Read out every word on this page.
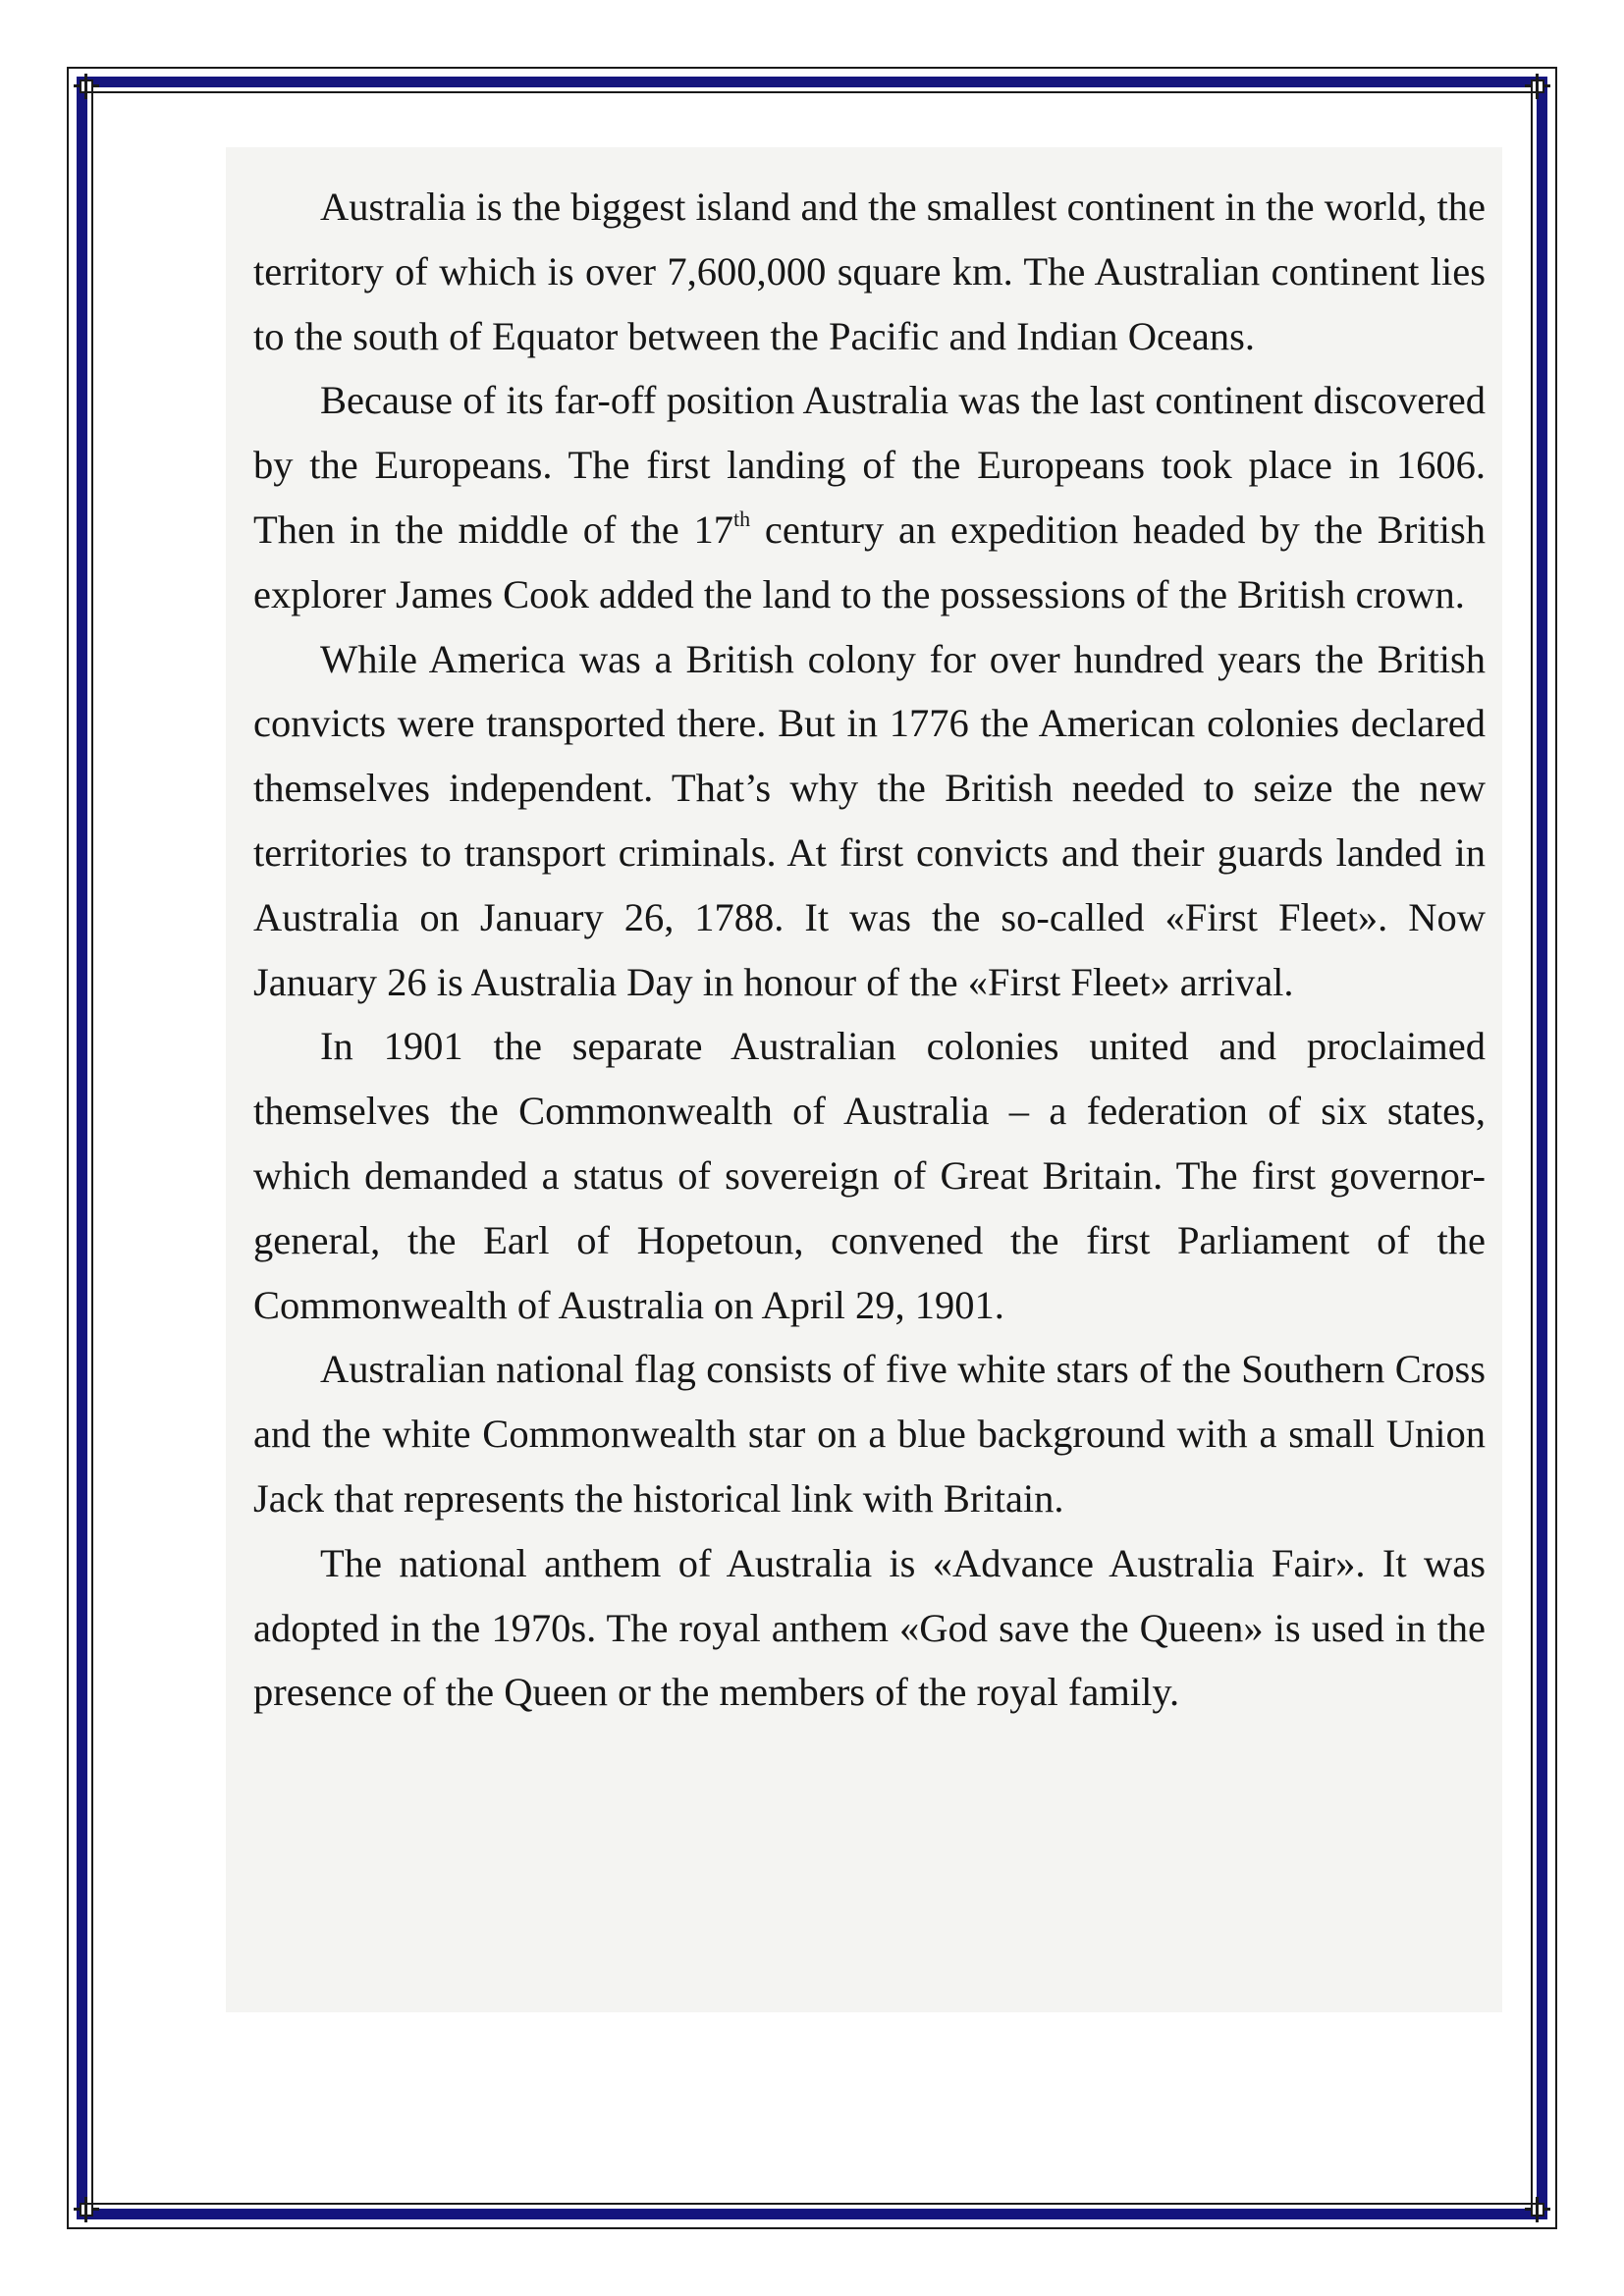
Australia is the biggest island and the smallest continent in the world, the territory of which is over 7,600,000 square km. The Australian continent lies to the south of Equator between the Pacific and Indian Oceans.

Because of its far-off position Australia was the last continent discovered by the Europeans. The first landing of the Europeans took place in 1606. Then in the middle of the 17th century an expedition headed by the British explorer James Cook added the land to the possessions of the British crown.

While America was a British colony for over hundred years the British convicts were transported there. But in 1776 the American colonies declared themselves independent. That’s why the British needed to seize the new territories to transport criminals. At first convicts and their guards landed in Australia on January 26, 1788. It was the so-called «First Fleet». Now January 26 is Australia Day in honour of the «First Fleet» arrival.

In 1901 the separate Australian colonies united and proclaimed themselves the Commonwealth of Australia – a federation of six states, which demanded a status of sovereign of Great Britain. The first governor-general, the Earl of Hopetoun, convened the first Parliament of the Commonwealth of Australia on April 29, 1901.

Australian national flag consists of five white stars of the Southern Cross and the white Commonwealth star on a blue background with a small Union Jack that represents the historical link with Britain.

The national anthem of Australia is «Advance Australia Fair». It was adopted in the 1970s. The royal anthem «God save the Queen» is used in the presence of the Queen or the members of the royal family.
